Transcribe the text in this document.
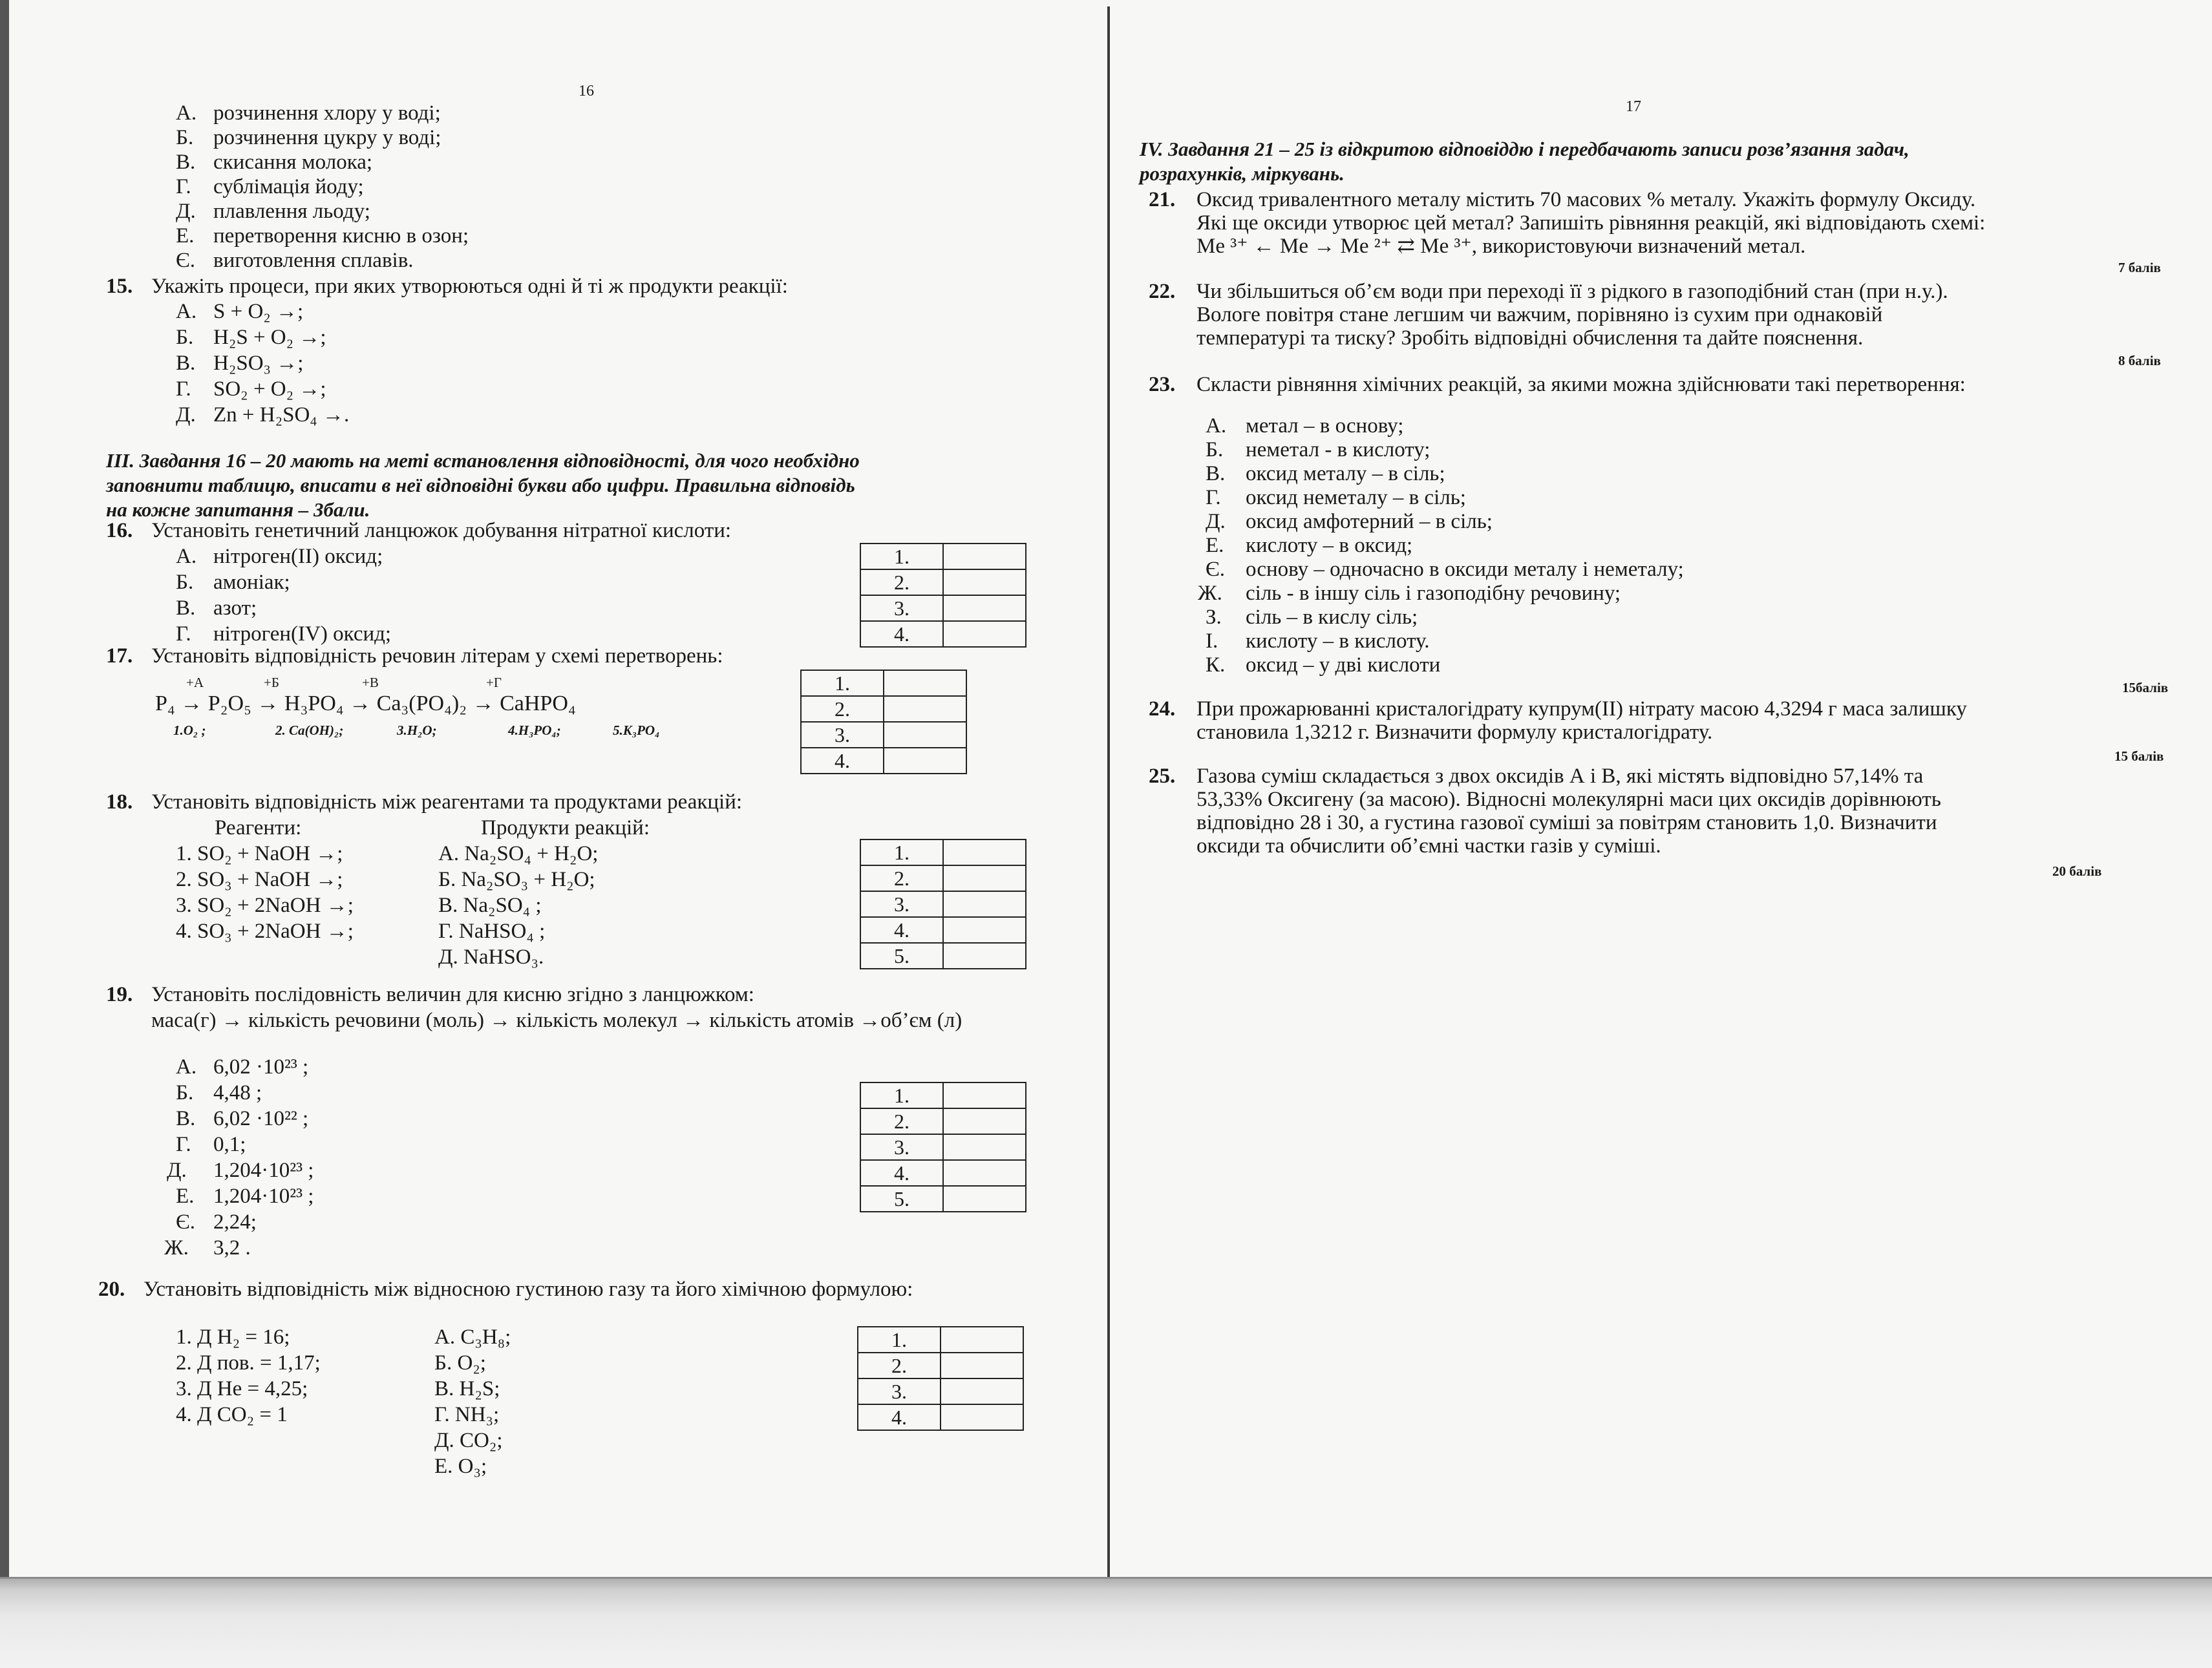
16
А. розчинення хлору у воді;
Б. розчинення цукру у воді;
В. скисання молока;
Г. сублімація йоду;
Д. плавлення льоду;
Е. перетворення кисню в озон;
Є. виготовлення сплавів.
15. Укажіть процеси, при яких утворюються одні й ті ж продукти реакції:
А. S + O₂ →;
Б. H₂S + O₂ →;
В. H₂SO₃ →;
Г. SO₂ + O₂ →;
Д. Zn + H₂SO₄ →.
ІІІ. Завдання 16 – 20 мають на меті встановлення відповідності, для чого необхідно
заповнити таблицю, вписати в неї відповідні букви або цифри. Правильна відповідь
на кожне запитання – 3бали.
16. Установіть генетичний ланцюжок добування нітратної кислоти:
А. нітроген(ІІ) оксид;
Б. амоніак;
В. азот;
Г. нітроген(ІV) оксид;
1.	
2.	
3.	
4.	
17. Установіть відповідність речовин літерам у схемі перетворень:
+А	+Б	+В	+Г
P₄ → P₂O₅ → H₃PO₄ → Ca₃(PO₄)₂ → CaHPO₄
1.O₂ ;	2. Ca(OH)₂;	3.H₂O;	4.H₃PO₄;	5.K₃PO₄
1.	
2.	
3.	
4.	
18. Установіть відповідність між реагентами та продуктами реакцій:
Реагенти:	Продукти реакцій:
1. SO₂ + NaOH →;
2. SO₃ + NaOH →;
3. SO₂ + 2NaOH →;
4. SO₃ + 2NaOH →;
А. Na₂SO₄ + H₂O;
Б. Na₂SO₃ + H₂O;
В. Na₂SO₄ ;
Г. NaHSO₄ ;
Д. NaHSO₃.
1.	
2.	
3.	
4.	
5.	
19. Установіть послідовність величин для кисню згідно з ланцюжком:
маса(г) → кількість речовини (моль) → кількість молекул → кількість атомів →об’єм (л)
А. 6,02 ·10²³ ;
Б. 4,48 ;
В. 6,02 ·10²² ;
Г. 0,1;
Д. 1,204·10²³ ;
Е. 1,204·10²³ ;
Є. 2,24;
Ж. 3,2 .
1.	
2.	
3.	
4.	
5.	
20. Установіть відповідність між відносною густиною газу та його хімічною формулою:
1. Д H₂ = 16;
2. Д пов. = 1,17;
3. Д He = 4,25;
4. Д CO₂ = 1
А. C₃H₈;
Б. O₂;
В. H₂S;
Г. NH₃;
Д. CO₂;
Е. O₃;
1.	
2.	
3.	
4.	
17
IV. Завдання 21 – 25 із відкритою відповіддю і передбачають записи розв’язання задач,
розрахунків, міркувань.
21. Оксид тривалентного металу містить 70 масових % металу. Укажіть формулу Оксиду.
Які ще оксиди утворює цей метал? Запишіть рівняння реакцій, які відповідають схемі:
Me ³⁺ ← Me → Me ²⁺ ⇄ Me ³⁺, використовуючи визначений метал.
7 балів
22. Чи збільшиться об’єм води при переході її з рідкого в газоподібний стан (при н.у.).
Вологе повітря стане легшим чи важчим, порівняно із сухим при однаковій
температурі та тиску? Зробіть відповідні обчислення та дайте пояснення.
8 балів
23. Скласти рівняння хімічних реакцій, за якими можна здійснювати такі перетворення:
А. метал – в основу;
Б. неметал - в кислоту;
В. оксид металу – в сіль;
Г. оксид неметалу – в сіль;
Д. оксид амфотерний – в сіль;
Е. кислоту – в оксид;
Є. основу – одночасно в оксиди металу і неметалу;
Ж. сіль - в іншу сіль і газоподібну речовину;
З. сіль – в кислу сіль;
І. кислоту – в кислоту.
К. оксид – у дві кислоти
15балів
24. При прожарюванні кристалогідрату купрум(ІІ) нітрату масою 4,3294 г маса залишку
становила 1,3212 г. Визначити формулу кристалогідрату.
15 балів
25. Газова суміш складається з двох оксидів А і В, які містять відповідно 57,14% та
53,33% Оксигену (за масою). Відносні молекулярні маси цих оксидів дорівнюють
відповідно 28 і 30, а густина газової суміші за повітрям становить 1,0. Визначити
оксиди та обчислити об’ємні частки газів у суміші.
20 балів
